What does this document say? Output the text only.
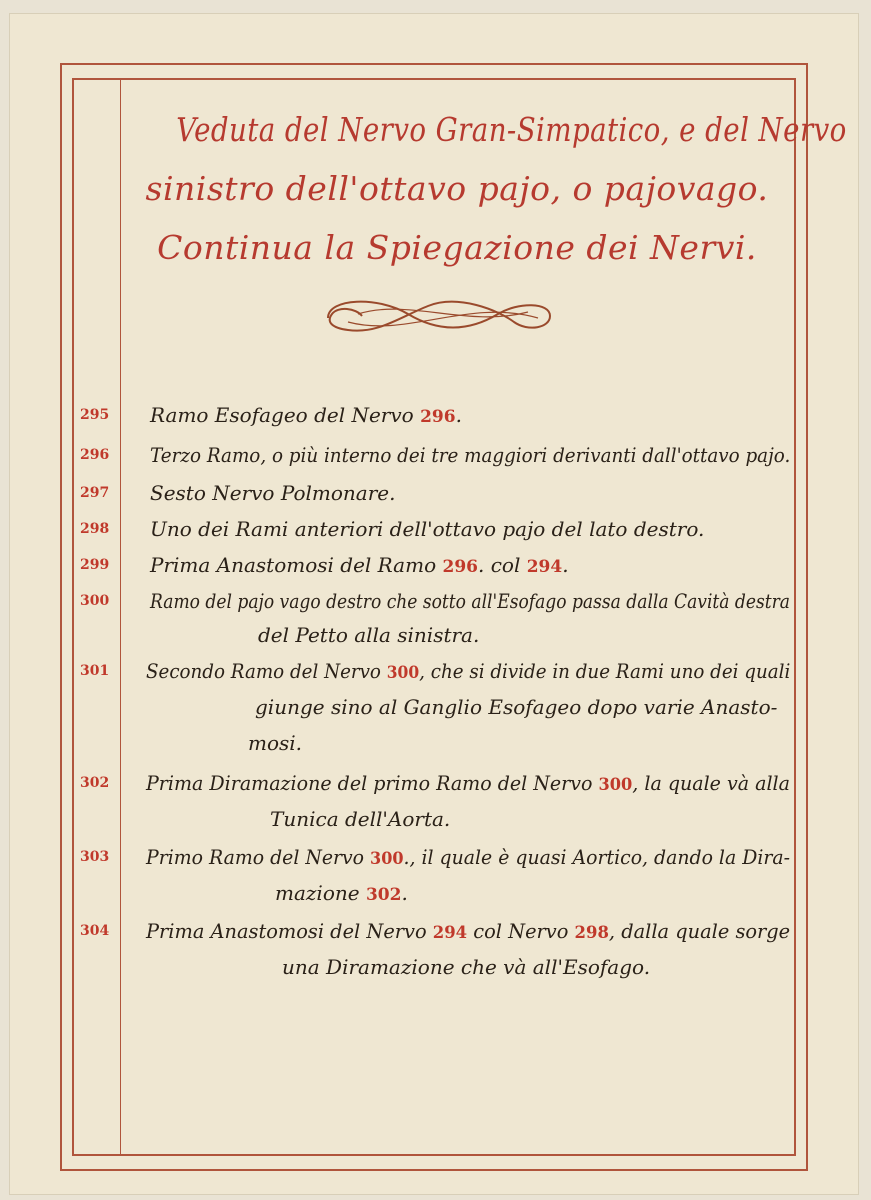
Veduta del Nervo Gran-Simpatico, e del Nervo
sinistro dell'ottavo pajo, o pajovago.
Continua la Spiegazione dei Nervi.
295	Ramo Esofageo del Nervo 296.
296	Terzo Ramo, o più interno dei tre maggiori derivanti dall'ottavo pajo.
297	Sesto Nervo Polmonare.
298	Uno dei Rami anteriori dell'ottavo pajo del lato destro.
299	Prima Anastomosi del Ramo 296. col 294.
300	Ramo del pajo vago destro che sotto all'Esofago passa dalla Cavità destra
del Petto alla sinistra.
301	Secondo Ramo del Nervo 300, che si divide in due Rami uno dei quali
giunge sino al Ganglio Esofageo dopo varie Anasto-
mosi.
302	Prima Diramazione del primo Ramo del Nervo 300, la quale và alla
Tunica dell'Aorta.
303	Primo Ramo del Nervo 300., il quale è quasi Aortico, dando la Dira-
mazione 302.
304	Prima Anastomosi del Nervo 294 col Nervo 298, dalla quale sorge
una Diramazione che và all'Esofago.
